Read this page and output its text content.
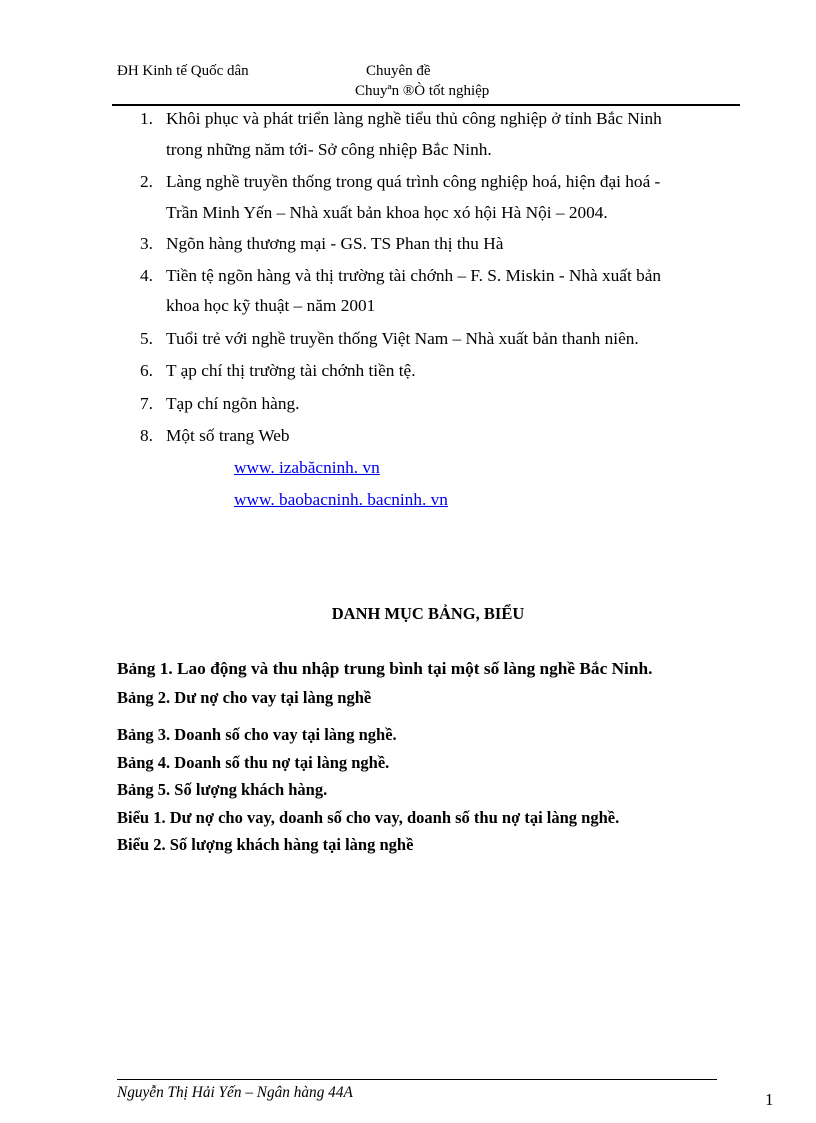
ĐH Kinh tế Quốc dân	Chuyên đề
Chuyªn ®Ò tốt nghiệp
1. Khôi phục và phát triển làng nghề tiểu thủ công nghiệp ở tỉnh Bắc Ninh
trong những năm tới- Sở công nhiệp Bắc Ninh.
2. Làng nghề truyền thống trong quá trình công nghiệp hoá, hiện đại hoá -
Trần Minh Yến – Nhà xuất bản khoa học xó hội Hà Nội – 2004.
3. Ngõn hàng thương mại - GS. TS Phan thị thu Hà
4. Tiền tệ ngõn hàng và thị trường tài chớnh – F. S. Miskin - Nhà xuất bản
khoa học kỹ thuật – năm 2001
5. Tuổi trẻ với nghề truyền thống Việt Nam – Nhà xuất bản thanh niên.
6. T ạp chí thị trường tài chớnh tiền tệ.
7. Tạp chí ngõn hàng.
8. Một số trang Web
www. izabăcninh. vn
www. baobacninh. bacninh. vn
DANH MỤC BẢNG, BIỂU
Bảng 1. Lao động và thu nhập trung bình tại một số làng nghề Bắc Ninh.
Bảng 2. Dư nợ cho vay tại làng nghề
Bảng 3. Doanh số cho vay tại làng nghề.
Bảng 4. Doanh số thu nợ tại làng nghề.
Bảng 5. Số lượng khách hàng.
Biểu 1. Dư nợ cho vay, doanh số cho vay, doanh số thu nợ tại làng nghề.
Biểu 2. Số lượng khách hàng tại làng nghề
Nguyễn Thị Hải Yến – Ngân hàng 44A	1
